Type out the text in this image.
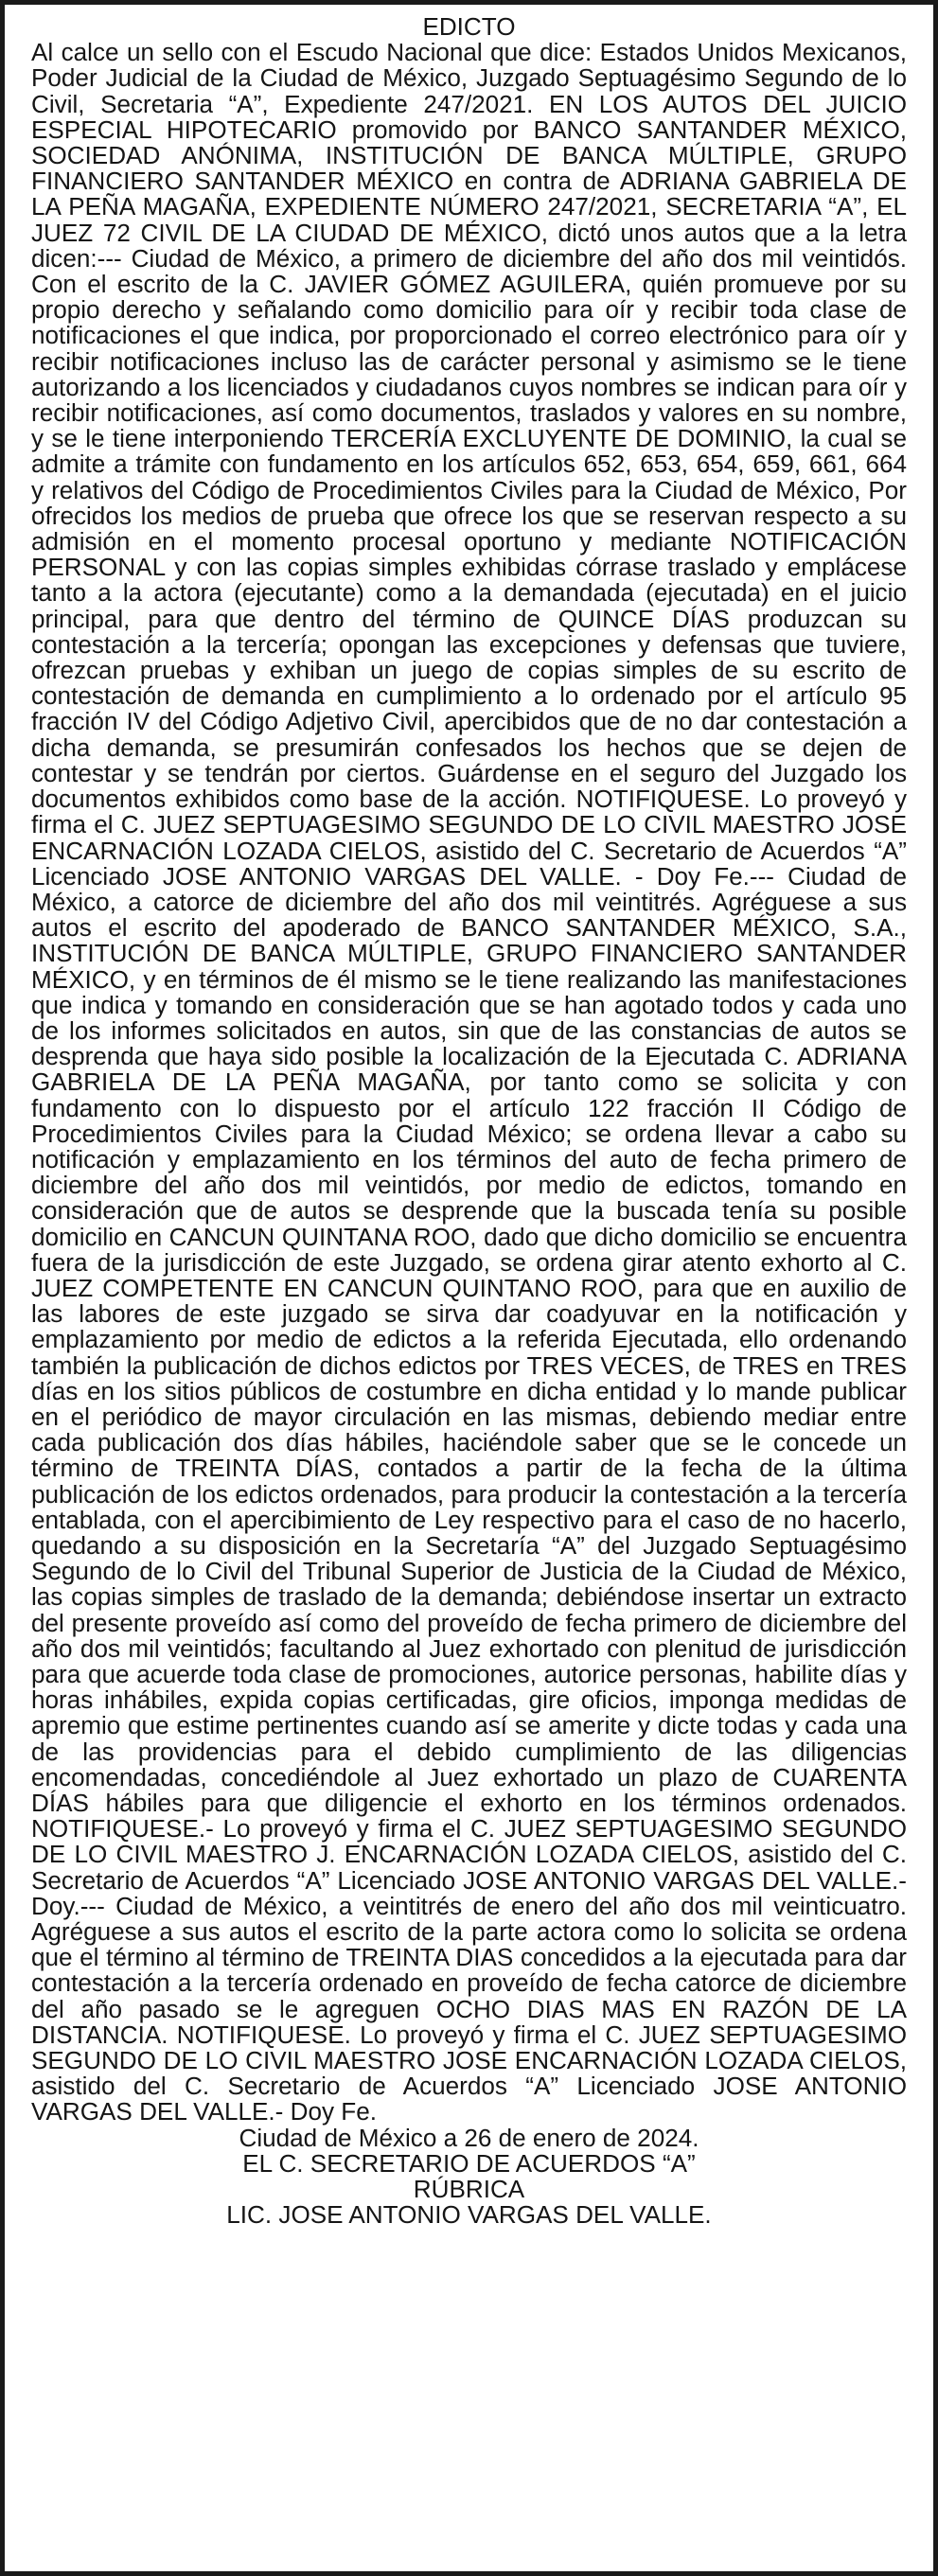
EDICTO

Al calce un sello con el Escudo Nacional que dice: Estados Unidos Mexicanos, Poder Judicial de la Ciudad de México, Juzgado Septuagésimo Segundo de lo Civil, Secretaria “A”, Expediente 247/2021. EN LOS AUTOS DEL JUICIO ESPECIAL HIPOTECARIO promovido por BANCO SANTANDER MÉXICO, SOCIEDAD ANÓNIMA, INSTITUCIÓN DE BANCA MÚLTIPLE, GRUPO FINANCIERO SANTANDER MÉXICO en contra de ADRIANA GABRIELA DE LA PEÑA MAGAÑA, EXPEDIENTE NÚMERO 247/2021, SECRETARIA “A”, EL JUEZ 72 CIVIL DE LA CIUDAD DE MÉXICO, dictó unos autos que a la letra dicen:--- Ciudad de México, a primero de diciembre del año dos mil veintidós. Con el escrito de la C. JAVIER GÓMEZ AGUILERA, quién promueve por su propio derecho y señalando como domicilio para oír y recibir toda clase de notificaciones el que indica, por proporcionado el correo electrónico para oír y recibir notificaciones incluso las de carácter personal y asimismo se le tiene autorizando a los licenciados y ciudadanos cuyos nombres se indican para oír y recibir notificaciones, así como documentos, traslados y valores en su nombre, y se le tiene interponiendo TERCERÍA EXCLUYENTE DE DOMINIO, la cual se admite a trámite con fundamento en los artículos 652, 653, 654, 659, 661, 664 y relativos del Código de Procedimientos Civiles para la Ciudad de México, Por ofrecidos los medios de prueba que ofrece los que se reservan respecto a su admisión en el momento procesal oportuno y mediante NOTIFICACIÓN PERSONAL y con las copias simples exhibidas córrase traslado y emplácese tanto a la actora (ejecutante) como a la demandada (ejecutada) en el juicio principal, para que dentro del término de QUINCE DÍAS produzcan su contestación a la tercería; opongan las excepciones y defensas que tuviere, ofrezcan pruebas y exhiban un juego de copias simples de su escrito de contestación de demanda en cumplimiento a lo ordenado por el artículo 95 fracción IV del Código Adjetivo Civil, apercibidos que de no dar contestación a dicha demanda, se presumirán confesados los hechos que se dejen de contestar y se tendrán por ciertos. Guárdense en el seguro del Juzgado los documentos exhibidos como base de la acción. NOTIFIQUESE. Lo proveyó y firma el C. JUEZ SEPTUAGESIMO SEGUNDO DE LO CIVIL MAESTRO JOSE ENCARNACIÓN LOZADA CIELOS, asistido del C. Secretario de Acuerdos “A” Licenciado JOSE ANTONIO VARGAS DEL VALLE. - Doy Fe.--- Ciudad de México, a catorce de diciembre del año dos mil veintitrés. Agréguese a sus autos el escrito del apoderado de BANCO SANTANDER MÉXICO, S.A., INSTITUCIÓN DE BANCA MÚLTIPLE, GRUPO FINANCIERO SANTANDER MÉXICO, y en términos de él mismo se le tiene realizando las manifestaciones que indica y tomando en consideración que se han agotado todos y cada uno de los informes solicitados en autos, sin que de las constancias de autos se desprenda que haya sido posible la localización de la Ejecutada C. ADRIANA GABRIELA DE LA PEÑA MAGAÑA, por tanto como se solicita y con fundamento con lo dispuesto por el artículo 122 fracción II Código de Procedimientos Civiles para la Ciudad México; se ordena llevar a cabo su notificación y emplazamiento en los términos del auto de fecha primero de diciembre del año dos mil veintidós, por medio de edictos, tomando en consideración que de autos se desprende que la buscada tenía su posible domicilio en CANCUN QUINTANA ROO, dado que dicho domicilio se encuentra fuera de la jurisdicción de este Juzgado, se ordena girar atento exhorto al C. JUEZ COMPETENTE EN CANCUN QUINTANO ROO, para que en auxilio de las labores de este juzgado se sirva dar coadyuvar en la notificación y emplazamiento por medio de edictos a la referida Ejecutada, ello ordenando también la publicación de dichos edictos por TRES VECES, de TRES en TRES días en los sitios públicos de costumbre en dicha entidad y lo mande publicar en el periódico de mayor circulación en las mismas, debiendo mediar entre cada publicación dos días hábiles, haciéndole saber que se le concede un término de TREINTA DÍAS, contados a partir de la fecha de la última publicación de los edictos ordenados, para producir la contestación a la tercería entablada, con el apercibimiento de Ley respectivo para el caso de no hacerlo, quedando a su disposición en la Secretaría “A” del Juzgado Septuagésimo Segundo de lo Civil del Tribunal Superior de Justicia de la Ciudad de México, las copias simples de traslado de la demanda; debiéndose insertar un extracto del presente proveído así como del proveído de fecha primero de diciembre del año dos mil veintidós; facultando al Juez exhortado con plenitud de jurisdicción para que acuerde toda clase de promociones, autorice personas, habilite días y horas inhábiles, expida copias certificadas, gire oficios, imponga medidas de apremio que estime pertinentes cuando así se amerite y dicte todas y cada una de las providencias para el debido cumplimiento de las diligencias encomendadas, concediéndole al Juez exhortado un plazo de CUARENTA DÍAS hábiles para que diligencie el exhorto en los términos ordenados. NOTIFIQUESE.- Lo proveyó y firma el C. JUEZ SEPTUAGESIMO SEGUNDO DE LO CIVIL MAESTRO J. ENCARNACIÓN LOZADA CIELOS, asistido del C. Secretario de Acuerdos “A” Licenciado JOSE ANTONIO VARGAS DEL VALLE.- Doy.--- Ciudad de México, a veintitrés de enero del año dos mil veinticuatro. Agréguese a sus autos el escrito de la parte actora como lo solicita se ordena que el término al término de TREINTA DIAS concedidos a la ejecutada para dar contestación a la tercería ordenado en proveído de fecha catorce de diciembre del año pasado se le agreguen OCHO DIAS MAS EN RAZÓN DE LA DISTANCIA. NOTIFIQUESE. Lo proveyó y firma el C. JUEZ SEPTUAGESIMO SEGUNDO DE LO CIVIL MAESTRO JOSE ENCARNACIÓN LOZADA CIELOS, asistido del C. Secretario de Acuerdos “A” Licenciado JOSE ANTONIO VARGAS DEL VALLE.- Doy Fe.

Ciudad de México a 26 de enero de 2024.

EL C. SECRETARIO DE ACUERDOS “A”

RÚBRICA

LIC. JOSE ANTONIO VARGAS DEL VALLE.
